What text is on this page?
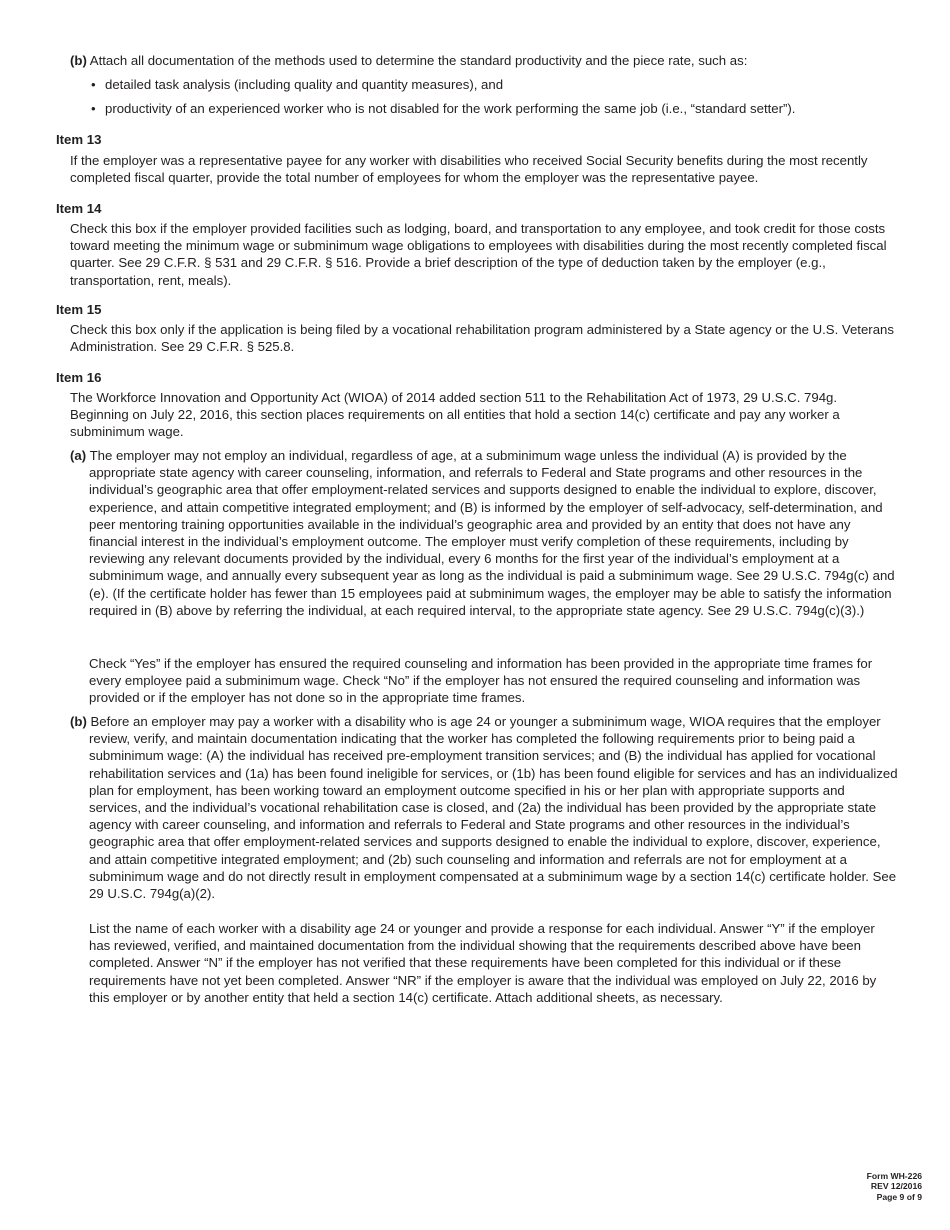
(b) Attach all documentation of the methods used to determine the standard productivity and the piece rate, such as:
• detailed task analysis (including quality and quantity measures), and
• productivity of an experienced worker who is not disabled for the work performing the same job (i.e., “standard setter”).
Item 13
If the employer was a representative payee for any worker with disabilities who received Social Security benefits during the most recently completed fiscal quarter, provide the total number of employees for whom the employer was the representative payee.
Item 14
Check this box if the employer provided facilities such as lodging, board, and transportation to any employee, and took credit for those costs toward meeting the minimum wage or subminimum wage obligations to employees with disabilities during the most recently completed fiscal quarter. See 29 C.F.R. § 531 and 29 C.F.R. § 516. Provide a brief description of the type of deduction taken by the employer (e.g., transportation, rent, meals).
Item 15
Check this box only if the application is being filed by a vocational rehabilitation program administered by a State agency or the U.S. Veterans Administration. See 29 C.F.R. § 525.8.
Item 16
The Workforce Innovation and Opportunity Act (WIOA) of 2014 added section 511 to the Rehabilitation Act of 1973, 29 U.S.C. 794g. Beginning on July 22, 2016, this section places requirements on all entities that hold a section 14(c) certificate and pay any worker a subminimum wage.
(a) The employer may not employ an individual, regardless of age, at a subminimum wage unless the individual (A) is provided by the appropriate state agency with career counseling, information, and referrals to Federal and State programs and other resources in the individual’s geographic area that offer employment-related services and supports designed to enable the individual to explore, discover, experience, and attain competitive integrated employment; and (B) is informed by the employer of self-advocacy, self-determination, and peer mentoring training opportunities available in the individual’s geographic area and provided by an entity that does not have any financial interest in the individual’s employment outcome. The employer must verify completion of these requirements, including by reviewing any relevant documents provided by the individual, every 6 months for the first year of the individual’s employment at a subminimum wage, and annually every subsequent year as long as the individual is paid a subminimum wage. See 29 U.S.C. 794g(c) and (e). (If the certificate holder has fewer than 15 employees paid at subminimum wages, the employer may be able to satisfy the information required in (B) above by referring the individual, at each required interval, to the appropriate state agency. See 29 U.S.C. 794g(c)(3).)
Check “Yes” if the employer has ensured the required counseling and information has been provided in the appropriate time frames for every employee paid a subminimum wage. Check “No” if the employer has not ensured the required counseling and information was provided or if the employer has not done so in the appropriate time frames.
(b) Before an employer may pay a worker with a disability who is age 24 or younger a subminimum wage, WIOA requires that the employer review, verify, and maintain documentation indicating that the worker has completed the following requirements prior to being paid a subminimum wage: (A) the individual has received pre-employment transition services; and (B) the individual has applied for vocational rehabilitation services and (1a) has been found ineligible for services, or (1b) has been found eligible for services and has an individualized plan for employment, has been working toward an employment outcome specified in his or her plan with appropriate supports and services, and the individual’s vocational rehabilitation case is closed, and (2a) the individual has been provided by the appropriate state agency with career counseling, and information and referrals to Federal and State programs and other resources in the individual’s geographic area that offer employment-related services and supports designed to enable the individual to explore, discover, experience, and attain competitive integrated employment; and (2b) such counseling and information and referrals are not for employment at a subminimum wage and do not directly result in employment compensated at a subminimum wage by a section 14(c) certificate holder. See 29 U.S.C. 794g(a)(2).
List the name of each worker with a disability age 24 or younger and provide a response for each individual. Answer “Y” if the employer has reviewed, verified, and maintained documentation from the individual showing that the requirements described above have been completed. Answer “N” if the employer has not verified that these requirements have been completed for this individual or if these requirements have not yet been completed. Answer “NR” if the employer is aware that the individual was employed on July 22, 2016 by this employer or by another entity that held a section 14(c) certificate. Attach additional sheets, as necessary.
Form WH-226
REV 12/2016
Page 9 of 9
